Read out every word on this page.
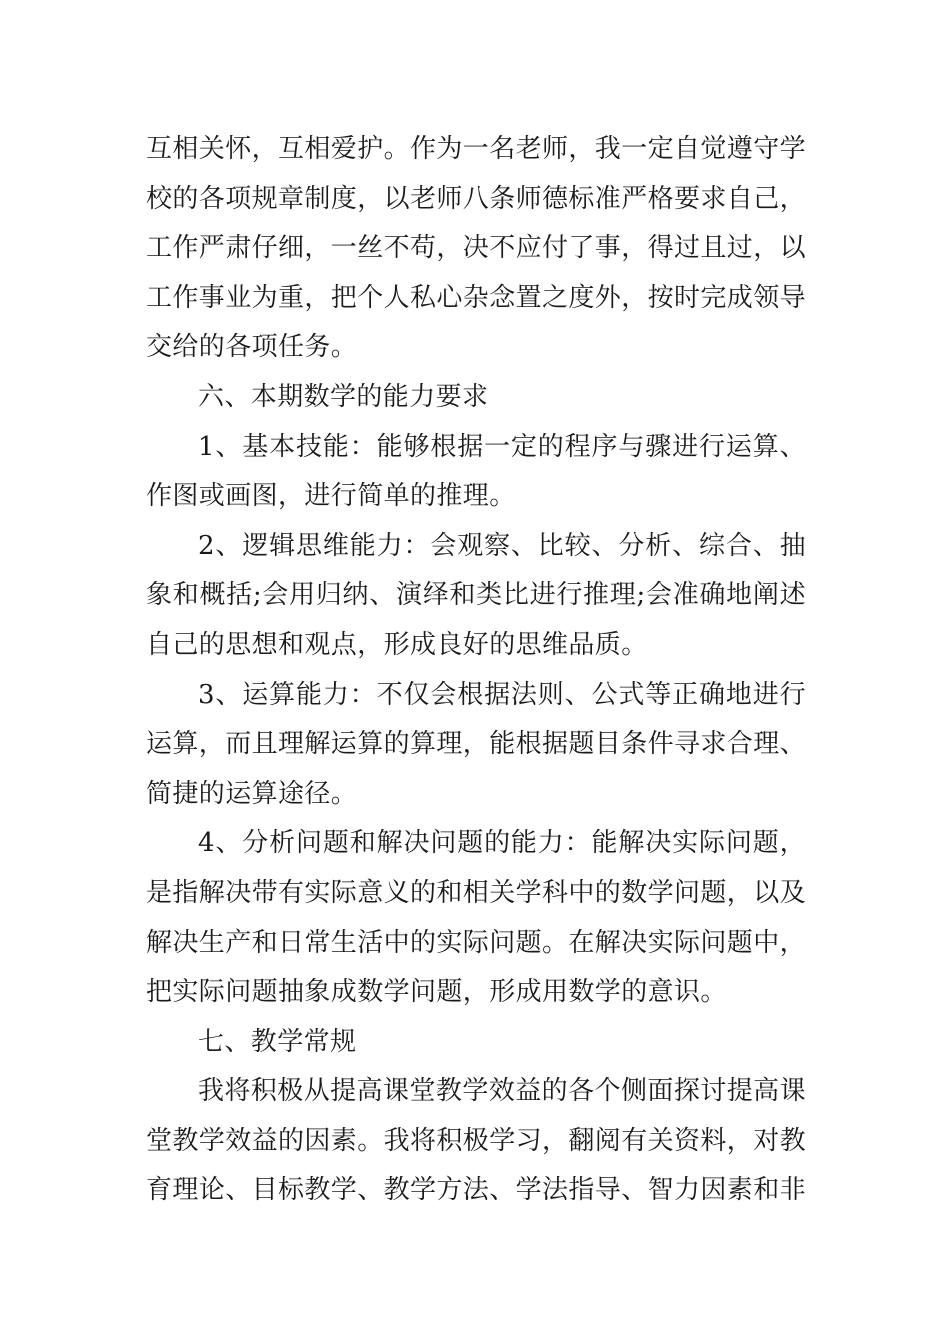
互相关怀，互相爱护。作为一名老师，我一定自觉遵守学校的各项规章制度，以老师八条师德标准严格要求自己，工作严肃仔细，一丝不苟，决不应付了事，得过且过，以工作事业为重，把个人私心杂念置之度外，按时完成领导交给的各项任务。

六、本期数学的能力要求

1、基本技能：能够根据一定的程序与骤进行运算、作图或画图，进行简单的推理。

2、逻辑思维能力：会观察、比较、分析、综合、抽象和概括;会用归纳、演绎和类比进行推理;会准确地阐述自己的思想和观点，形成良好的思维品质。

3、运算能力：不仅会根据法则、公式等正确地进行运算，而且理解运算的算理，能根据题目条件寻求合理、简捷的运算途径。

4、分析问题和解决问题的能力：能解决实际问题，是指解决带有实际意义的和相关学科中的数学问题，以及解决生产和日常生活中的实际问题。在解决实际问题中，把实际问题抽象成数学问题，形成用数学的意识。

七、教学常规

我将积极从提高课堂教学效益的各个侧面探讨提高课堂教学效益的因素。我将积极学习，翻阅有关资料，对教育理论、目标教学、教学方法、学法指导、智力因素和非
